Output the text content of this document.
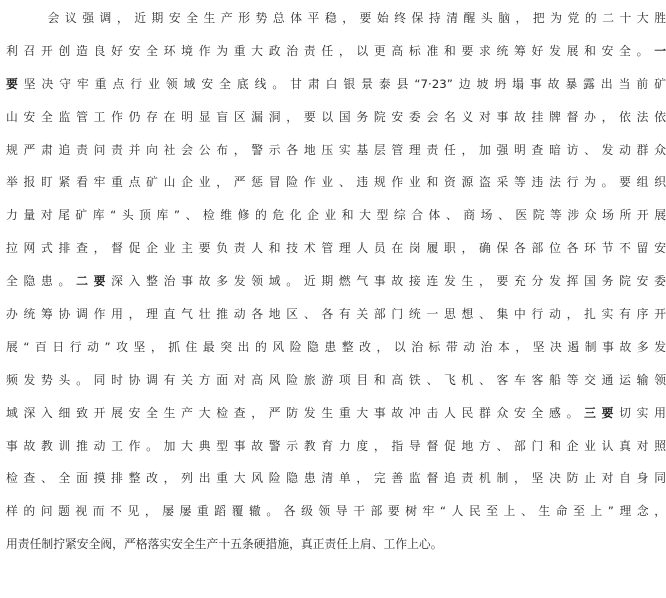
会议强调，近期安全生产形势总体平稳，要始终保持清醒头脑，把为党的二十大胜
利召开创造良好安全环境作为重大政治责任，以更高标准和要求统筹好发展和安全。一
要坚决守牢重点行业领域安全底线。甘肃白银景泰县“7·23”边坡坍塌事故暴露出当前矿
山安全监管工作仍存在明显盲区漏洞，要以国务院安委会名义对事故挂牌督办，依法依
规严肃追责问责并向社会公布，警示各地压实基层管理责任，加强明查暗访、发动群众
举报盯紧看牢重点矿山企业，严惩冒险作业、违规作业和资源盗采等违法行为。要组织
力量对尾矿库“头顶库”、检维修的危化企业和大型综合体、商场、医院等涉众场所开展
拉网式排查，督促企业主要负责人和技术管理人员在岗履职，确保各部位各环节不留安
全隐患。二要深入整治事故多发领域。近期燃气事故接连发生，要充分发挥国务院安委
办统筹协调作用，理直气壮推动各地区、各有关部门统一思想、集中行动，扎实有序开
展“百日行动”攻坚，抓住最突出的风险隐患整改，以治标带动治本，坚决遏制事故多发
频发势头。同时协调有关方面对高风险旅游项目和高铁、飞机、客车客船等交通运输领
域深入细致开展安全生产大检查，严防发生重大事故冲击人民群众安全感。三要切实用
事故教训推动工作。加大典型事故警示教育力度，指导督促地方、部门和企业认真对照
检查、全面摸排整改，列出重大风险隐患清单，完善监督追责机制，坚决防止对自身同
样的问题视而不见，屡屡重蹈覆辙。各级领导干部要树牢“人民至上、生命至上”理念，
用责任制拧紧安全阀，严格落实安全生产十五条硬措施，真正责任上肩、工作上心。
